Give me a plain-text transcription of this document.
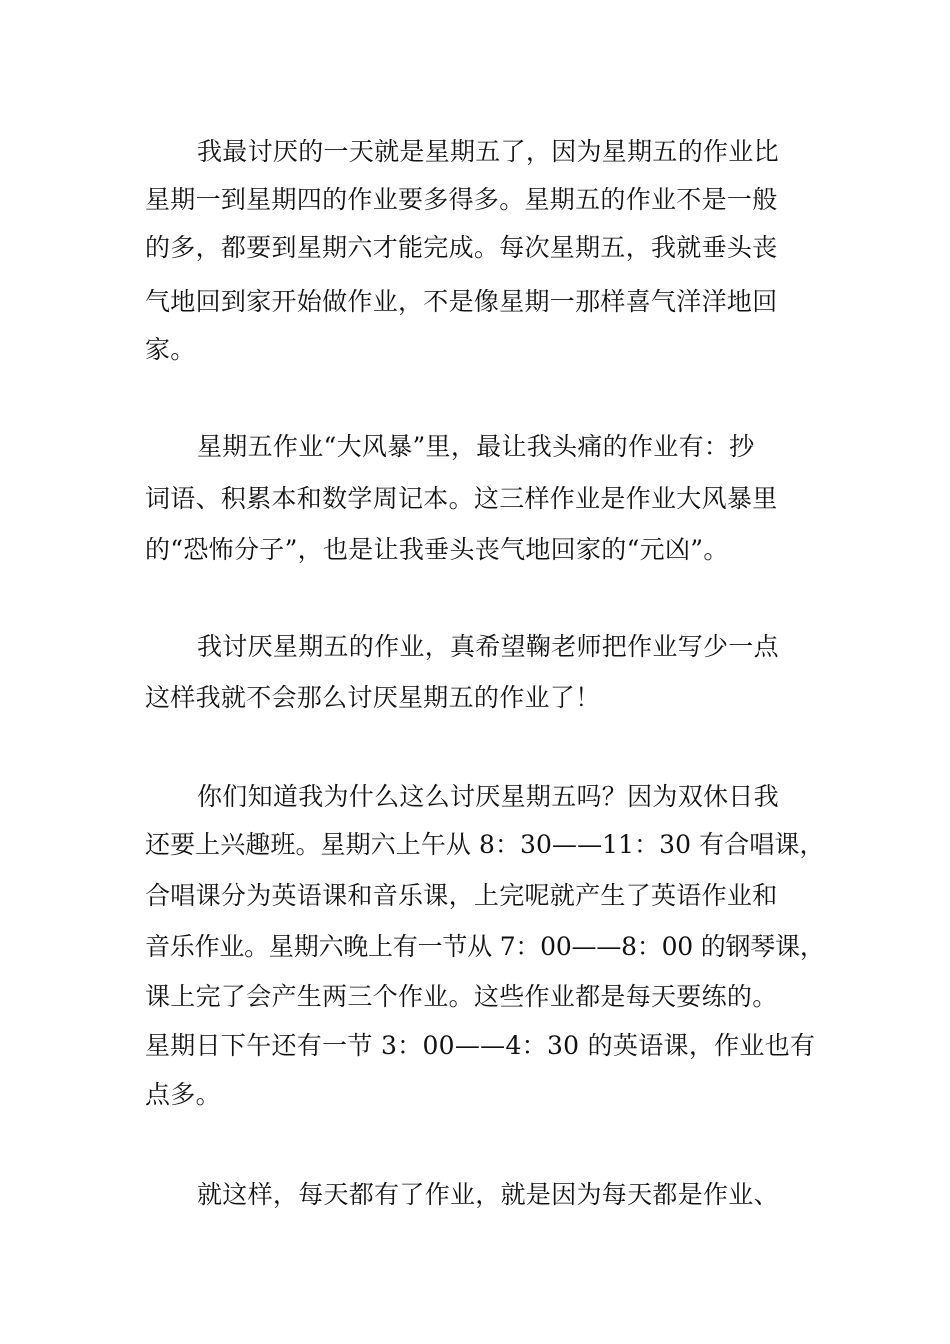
我最讨厌的一天就是星期五了，因为星期五的作业比
星期一到星期四的作业要多得多。星期五的作业不是一般
的多，都要到星期六才能完成。每次星期五，我就垂头丧
气地回到家开始做作业，不是像星期一那样喜气洋洋地回
家。
星期五作业“大风暴”里，最让我头痛的作业有：抄
词语、积累本和数学周记本。这三样作业是作业大风暴里
的“恐怖分子”，也是让我垂头丧气地回家的“元凶”。
我讨厌星期五的作业，真希望鞠老师把作业写少一点
这样我就不会那么讨厌星期五的作业了！
你们知道我为什么这么讨厌星期五吗？因为双休日我
还要上兴趣班。星期六上午从 8：30——11：30 有合唱课，
合唱课分为英语课和音乐课，上完呢就产生了英语作业和
音乐作业。星期六晚上有一节从 7：00——8：00 的钢琴课，
课上完了会产生两三个作业。这些作业都是每天要练的。
星期日下午还有一节 3：00——4：30 的英语课，作业也有
点多。
就这样，每天都有了作业，就是因为每天都是作业、
